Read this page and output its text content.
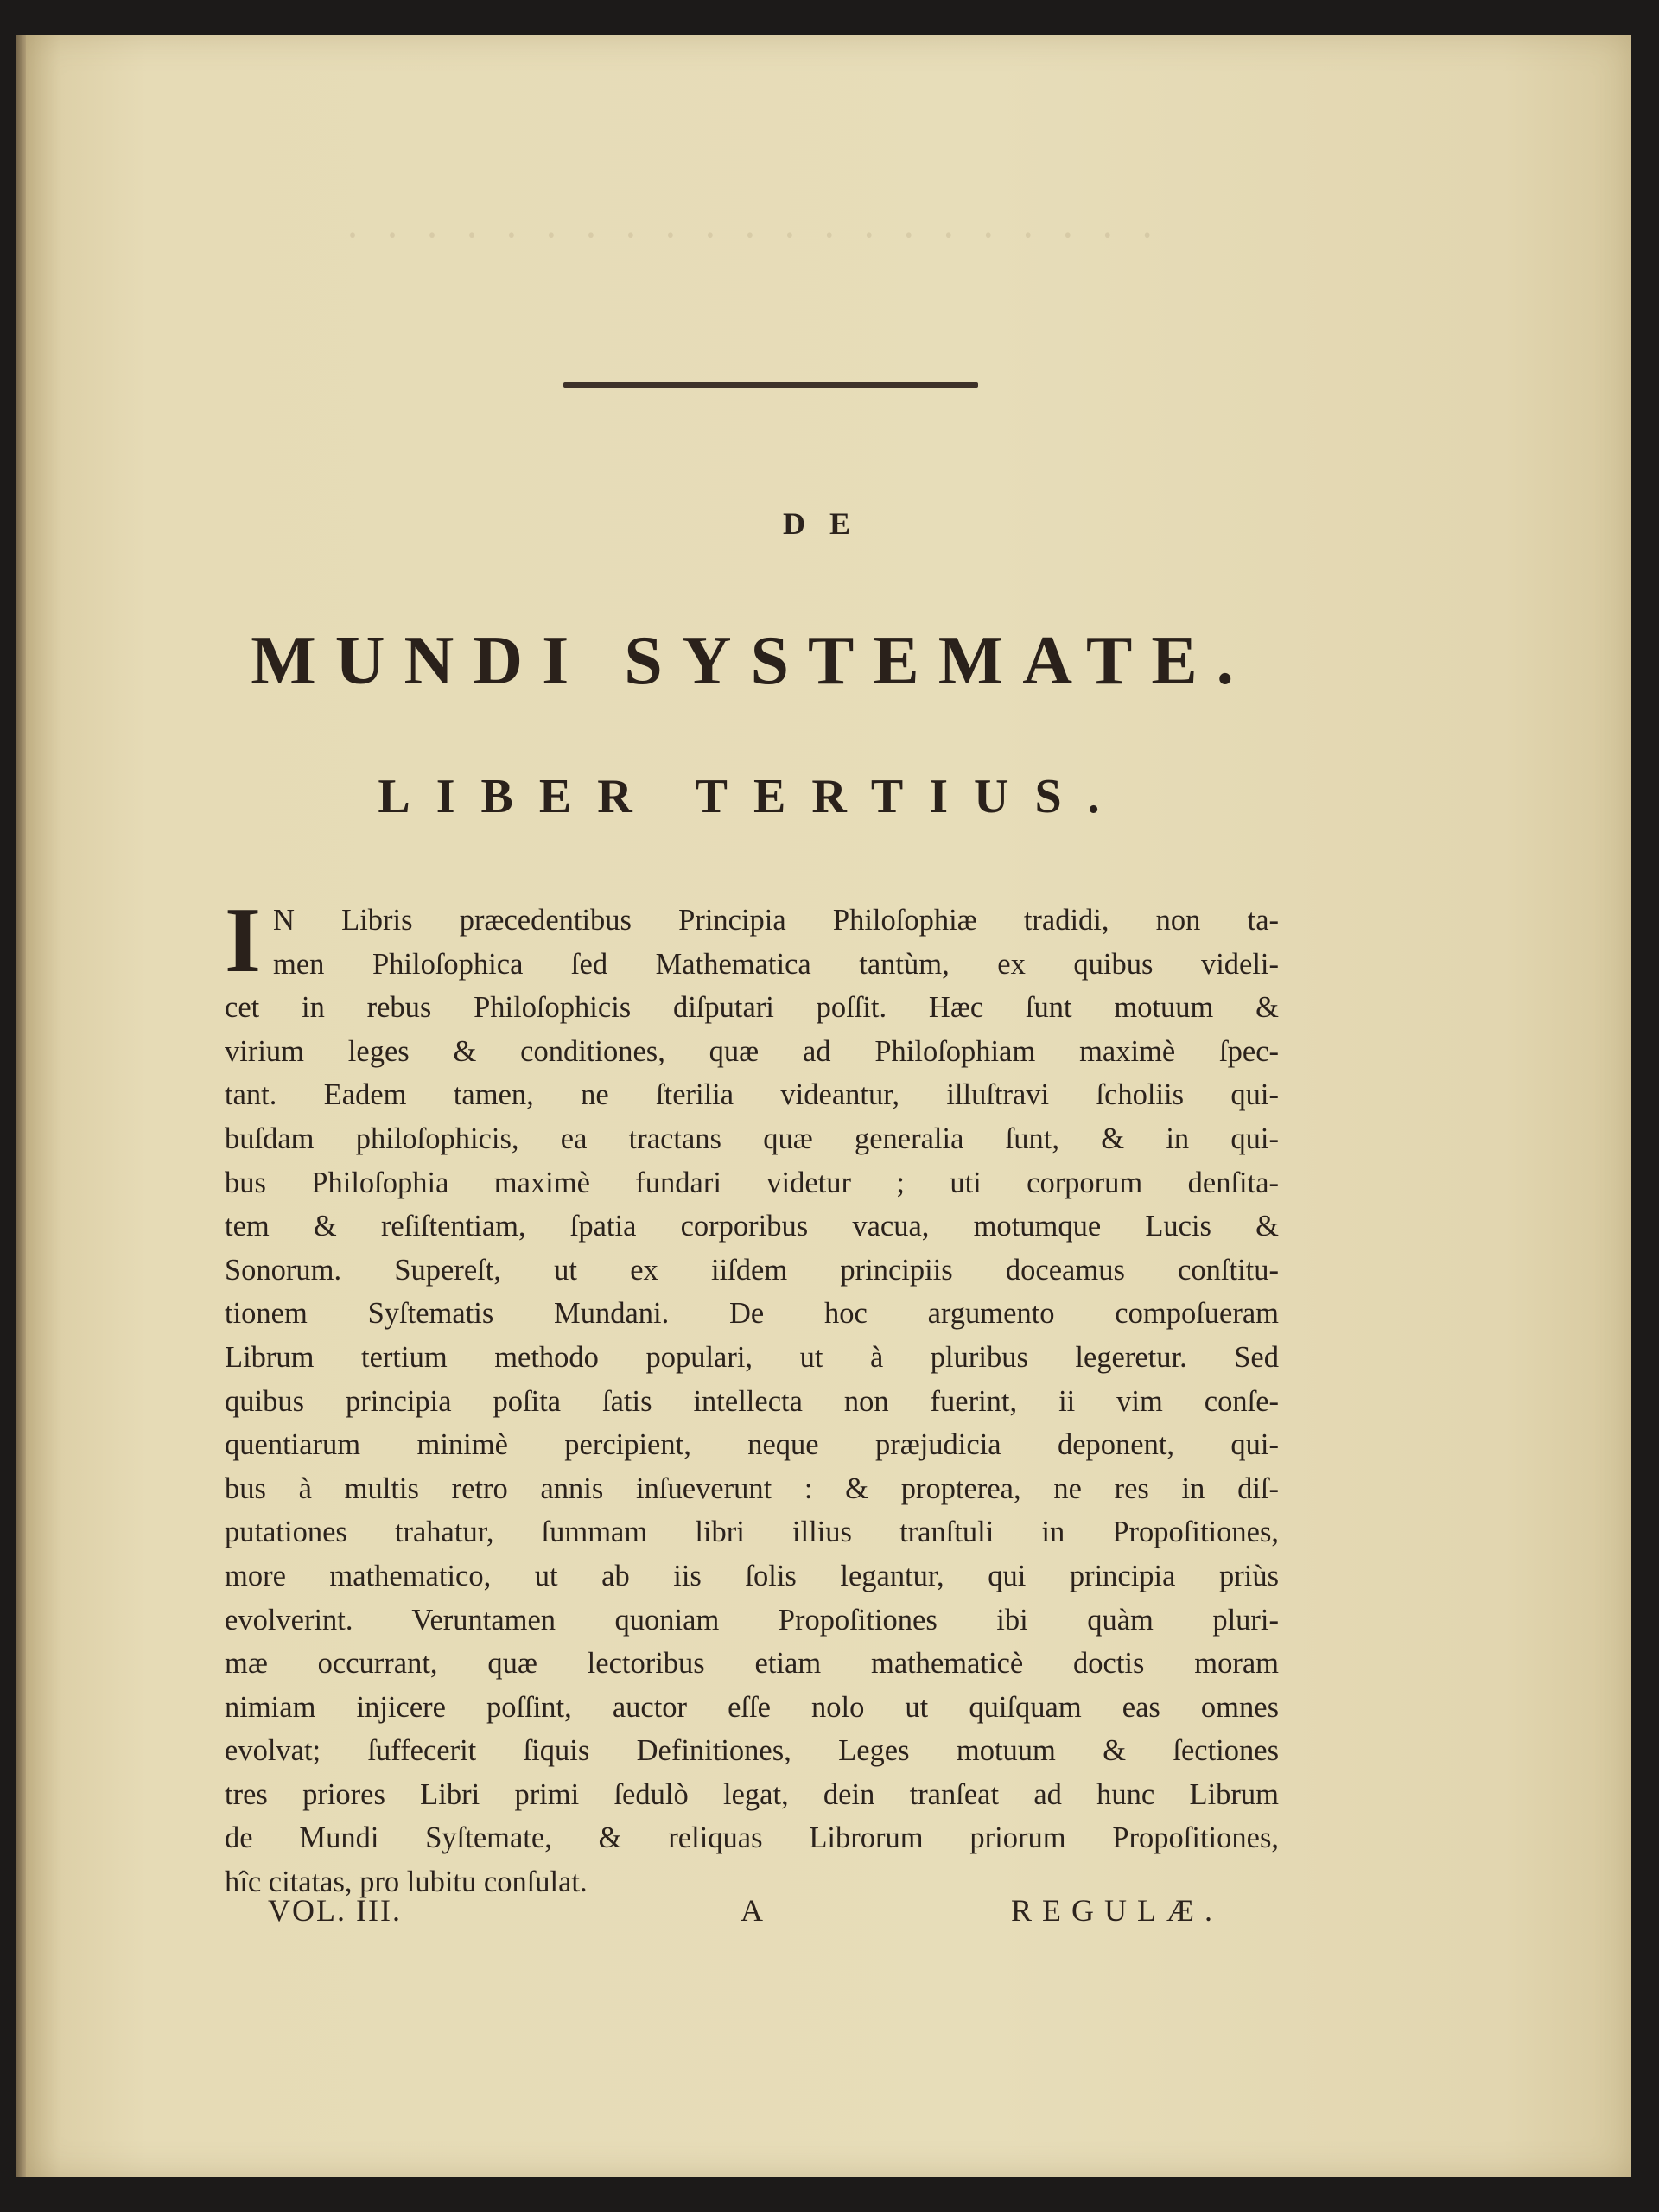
·····················
DE
MUNDI SYSTEMATE.
LIBER TERTIUS.
I N Libris præcedentibus Principia Philoſophiæ tradidi, non ta-
men Philoſophica ſed Mathematica tantùm, ex quibus videli-
cet in rebus Philoſophicis diſputari poſſit. Hæc ſunt motuum &
virium leges & conditiones, quæ ad Philoſophiam maximè ſpec-
tant. Eadem tamen, ne ſterilia videantur, illuſtravi ſcholiis qui-
buſdam philoſophicis, ea tractans quæ generalia ſunt, & in qui-
bus Philoſophia maximè fundari videtur ; uti corporum denſita-
tem & reſiſtentiam, ſpatia corporibus vacua, motumque Lucis &
Sonorum. Supereſt, ut ex iiſdem principiis doceamus conſtitu-
tionem Syſtematis Mundani. De hoc argumento compoſueram
Librum tertium methodo populari, ut à pluribus legeretur. Sed
quibus principia poſita ſatis intellecta non fuerint, ii vim conſe-
quentiarum minimè percipient, neque præjudicia deponent, qui-
bus à multis retro annis inſueverunt : & propterea, ne res in diſ-
putationes trahatur, ſummam libri illius tranſtuli in Propoſitiones,
more mathematico, ut ab iis ſolis legantur, qui principia priùs
evolverint. Veruntamen quoniam Propoſitiones ibi quàm pluri-
mæ occurrant, quæ lectoribus etiam mathematicè doctis moram
nimiam injicere poſſint, auctor eſſe nolo ut quiſquam eas omnes
evolvat; ſuffecerit ſiquis Definitiones, Leges motuum & ſectiones
tres priores Libri primi ſedulò legat, dein tranſeat ad hunc Librum
de Mundi Syſtemate, & reliquas Librorum priorum Propoſitiones,
hîc citatas, pro lubitu conſulat.
VOL. III.	A	REGULÆ.
